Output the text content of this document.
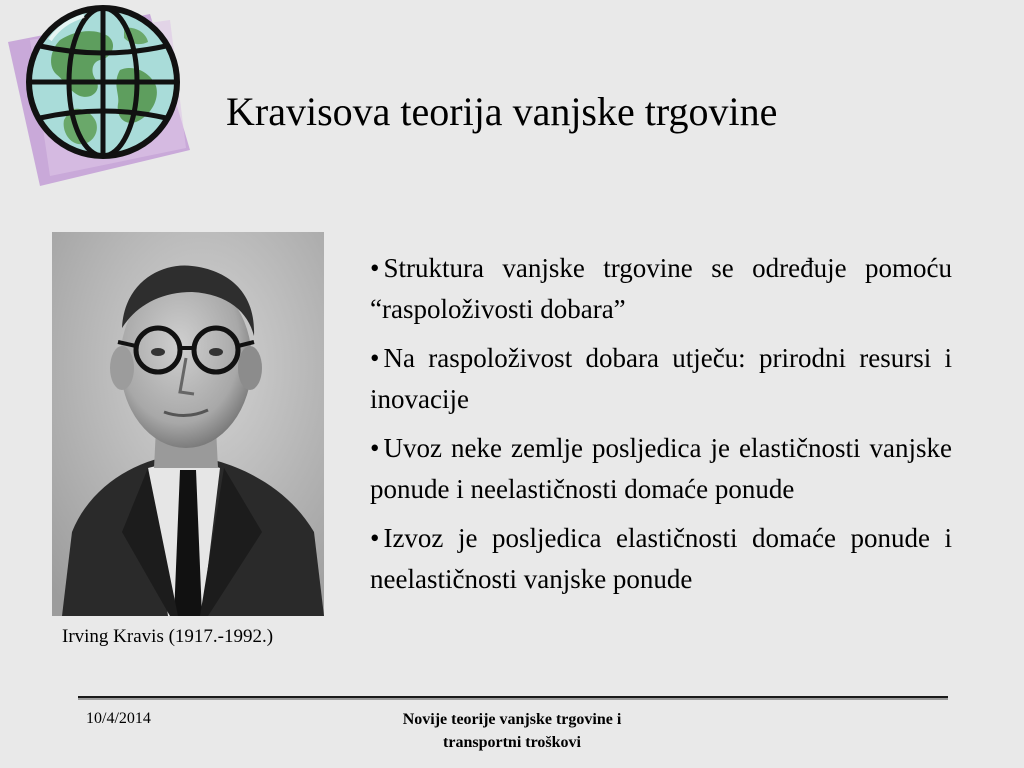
Kravisova teorija vanjske trgovine
Irving Kravis (1917.-1992.)
• Struktura vanjske trgovine se određuje pomoću “raspoloživosti dobara”
• Na raspoloživost dobara utječu: prirodni resursi i inovacije
• Uvoz neke zemlje posljedica je elastičnosti vanjske ponude i neelastičnosti domaće ponude
• Izvoz je posljedica elastičnosti domaće ponude i neelastičnosti vanjske ponude
10/4/2014	Novije teorije vanjske trgovine i
transportni troškovi
